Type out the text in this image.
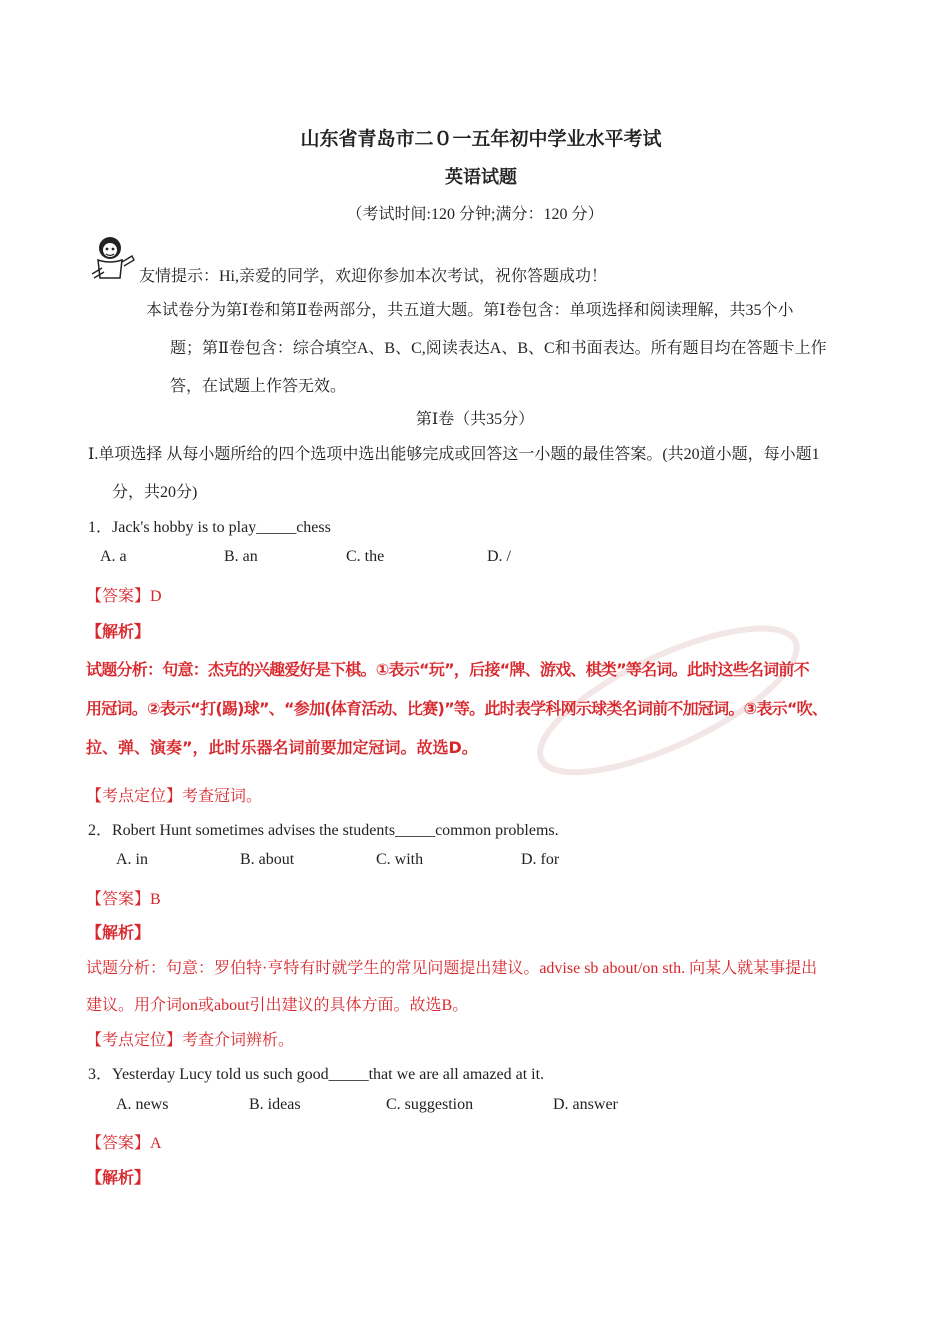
山东省青岛市二０一五年初中学业水平考试
英语试题
（考试时间:120 分钟;满分：120 分）
友情提示：Hi,亲爱的同学，欢迎你参加本次考试，祝你答题成功！
本试卷分为第Ⅰ卷和第Ⅱ卷两部分，共五道大题。第Ⅰ卷包含：单项选择和阅读理解，共35个小
题；第Ⅱ卷包含：综合填空A、B、C,阅读表达A、B、C和书面表达。所有题目均在答题卡上作
答，在试题上作答无效。
第Ⅰ卷（共35分）
Ⅰ.单项选择 从每小题所给的四个选项中选出能够完成或回答这一小题的最佳答案。(共20道小题，每小题1
分，共20分)
1．Jack's hobby is to play_____chess
A. a	B. an	C. the	D. /
【答案】D
【解析】
试题分析：句意：杰克的兴趣爱好是下棋。①表示“玩”，后接“牌、游戏、棋类”等名词。此时这些名词前不
用冠词。②表示“打(踢)球”、“参加(体育活动、比赛)”等。此时表学科网示球类名词前不加冠词。③表示“吹、
拉、弹、演奏”，此时乐器名词前要加定冠词。故选D。
【考点定位】考查冠词。
2．Robert Hunt sometimes advises the students_____common problems.
A. in	B. about	C. with	D. for
【答案】B
【解析】
试题分析：句意：罗伯特·亨特有时就学生的常见问题提出建议。advise sb about/on sth. 向某人就某事提出
建议。用介词on或about引出建议的具体方面。故选B。
【考点定位】考查介词辨析。
3．Yesterday Lucy told us such good_____that we are all amazed at it.
A. news	B. ideas	C. suggestion	D. answer
【答案】A
【解析】
